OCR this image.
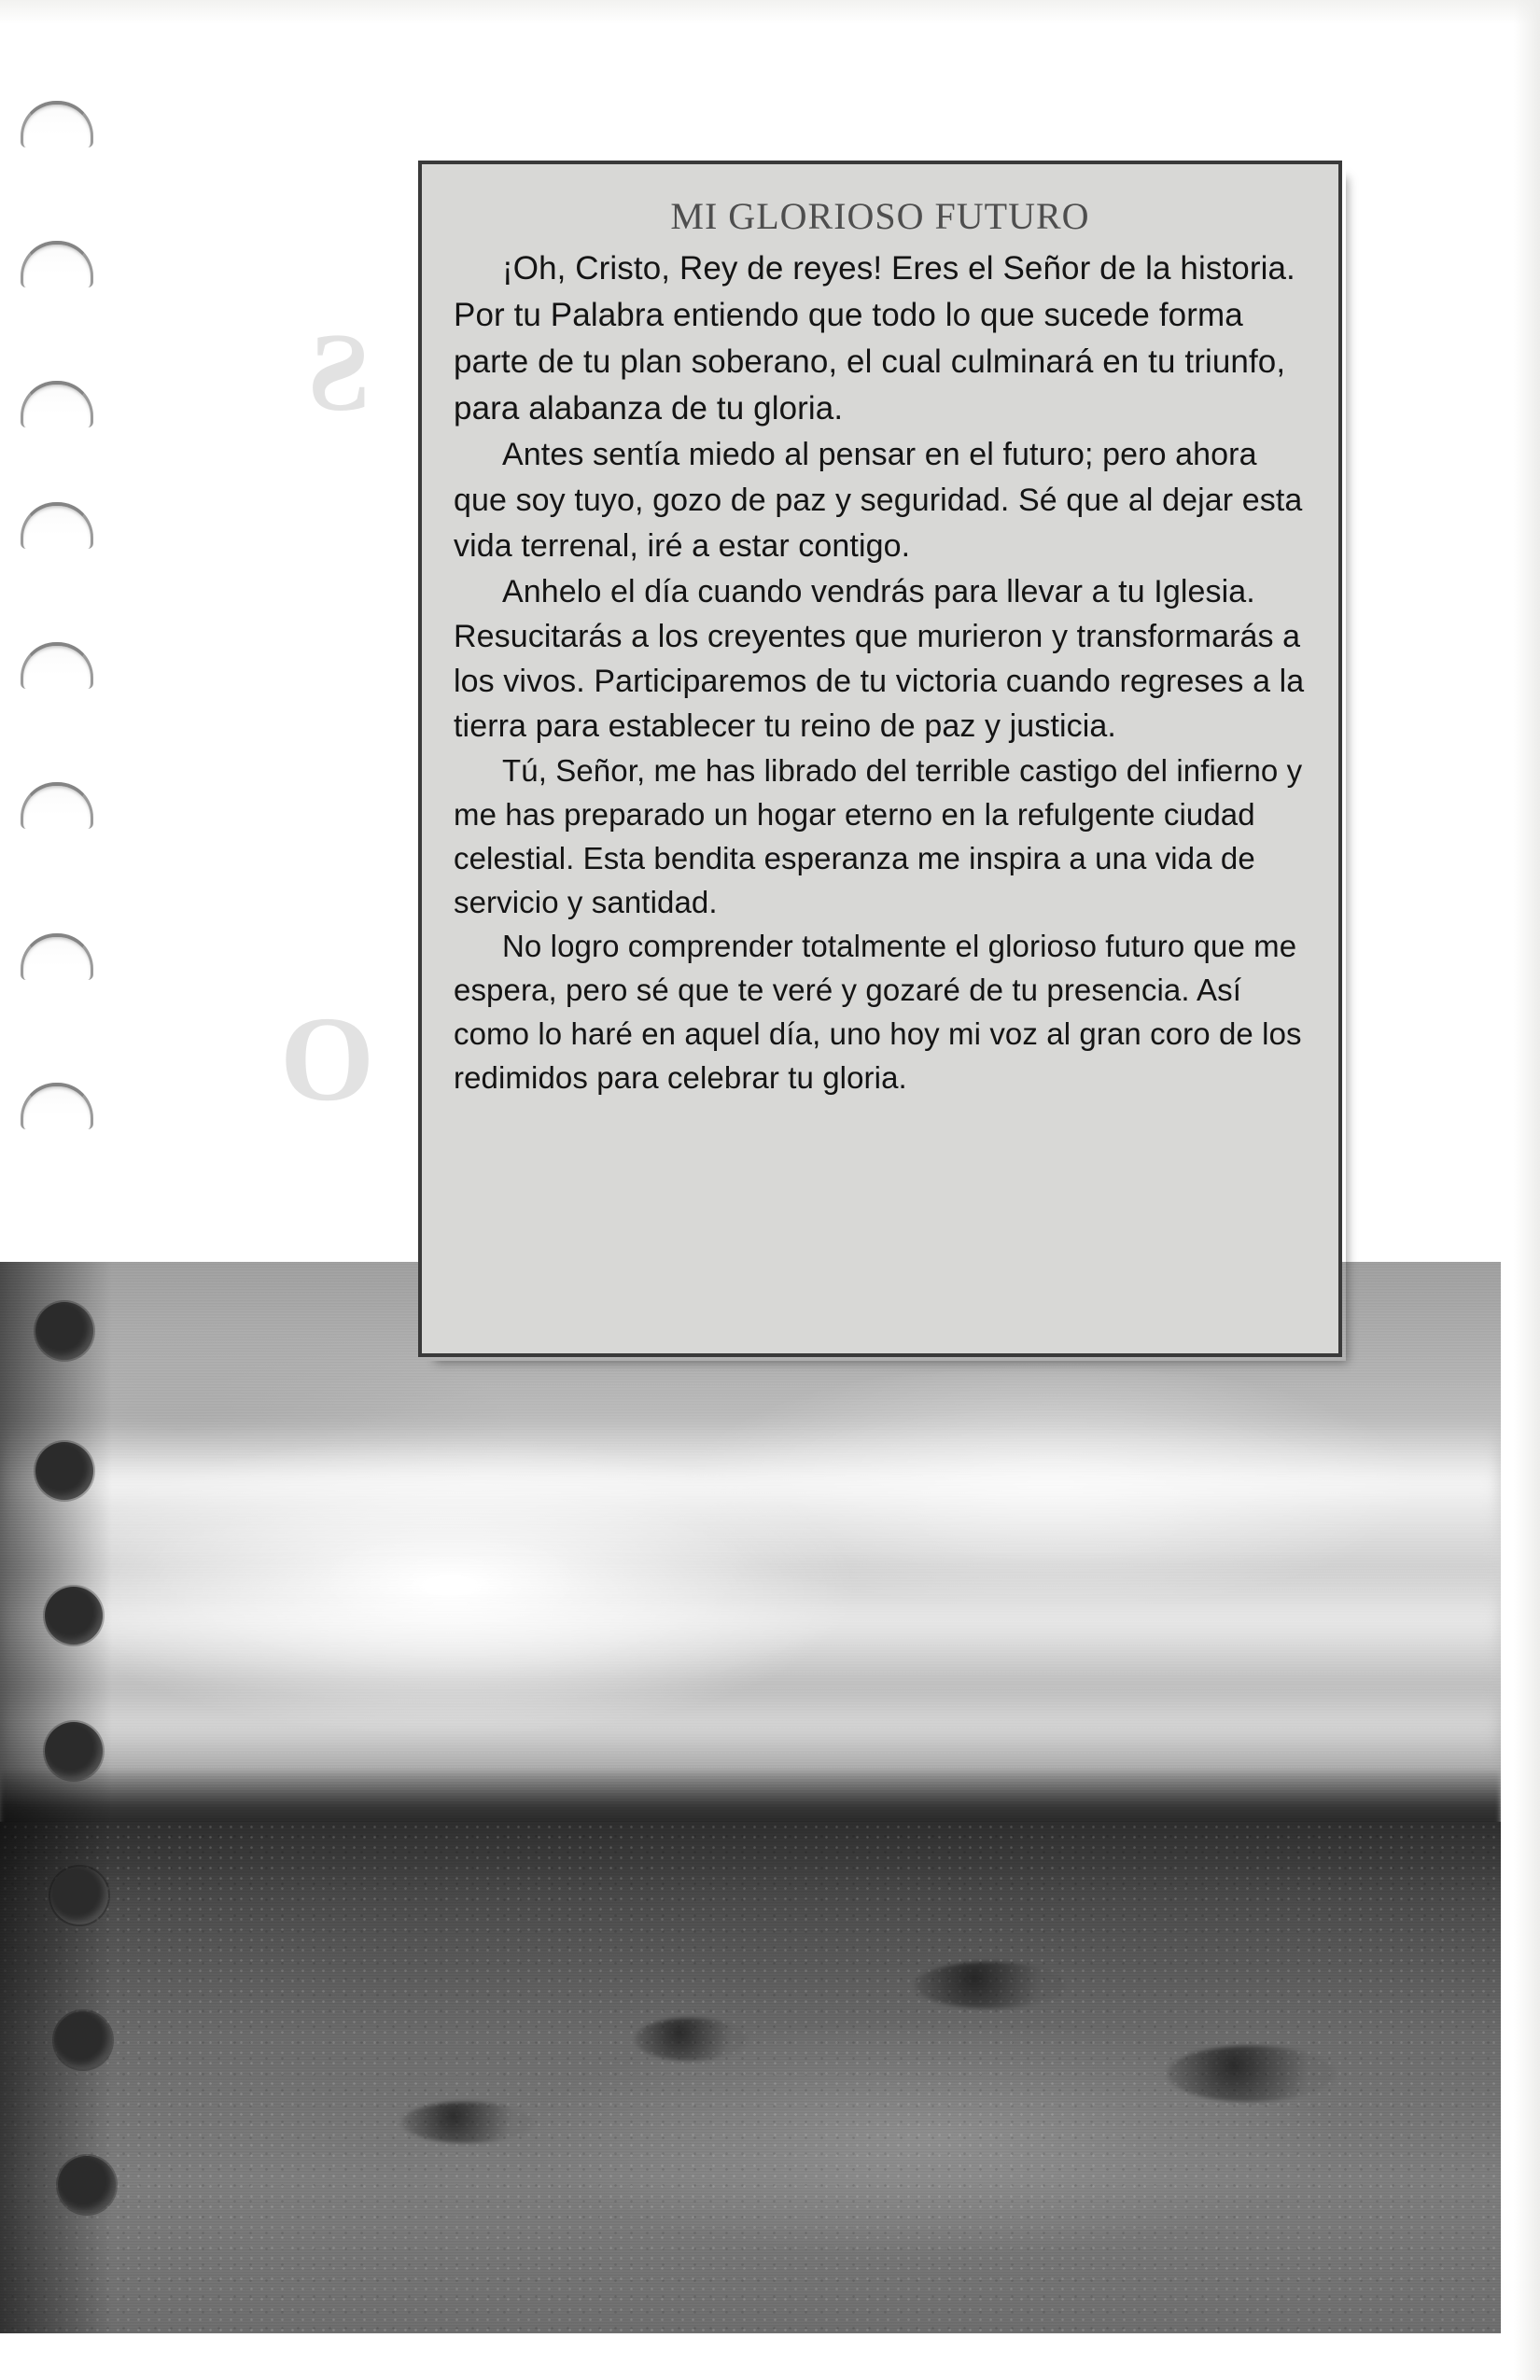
S
O
MI GLORIOSO FUTURO

¡Oh, Cristo, Rey de reyes! Eres el Señor de la historia. Por tu Palabra entiendo que todo lo que sucede forma parte de tu plan soberano, el cual culminará en tu triunfo, para alabanza de tu gloria.

Antes sentía miedo al pensar en el futuro; pero ahora que soy tuyo, gozo de paz y seguridad. Sé que al dejar esta vida terrenal, iré a estar contigo.

Anhelo el día cuando vendrás para llevar a tu Iglesia. Resucitarás a los creyentes que murieron y transformarás a los vivos. Participaremos de tu victoria cuando regreses a la tierra para establecer tu reino de paz y justicia.

Tú, Señor, me has librado del terrible castigo del infierno y me has preparado un hogar eterno en la refulgente ciudad celestial. Esta bendita esperanza me inspira a una vida de servicio y santidad.

No logro comprender totalmente el glorioso futuro que me espera, pero sé que te veré y gozaré de tu presencia. Así como lo haré en aquel día, uno hoy mi voz al gran coro de los redimidos para celebrar tu gloria.
